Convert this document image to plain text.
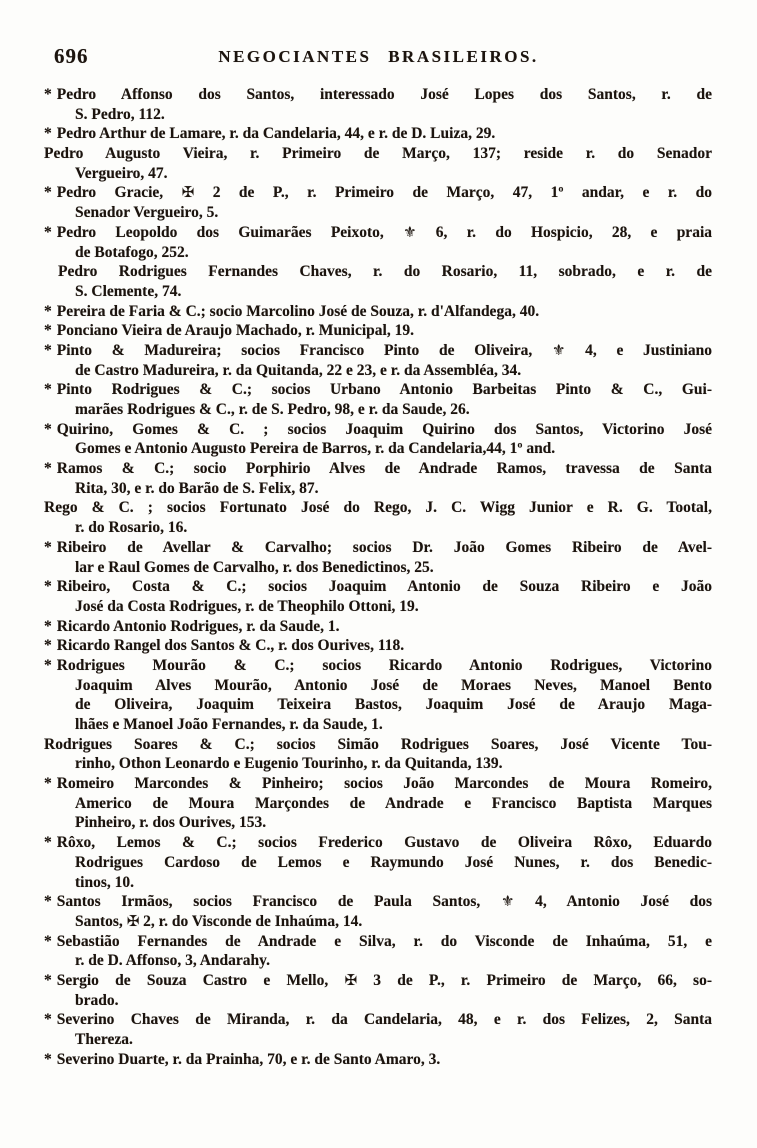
696	NEGOCIANTES BRASILEIROS.

* Pedro Affonso dos Santos, interessado José Lopes dos Santos, r. de
S. Pedro, 112.

* Pedro Arthur de Lamare, r. da Candelaria, 44, e r. de D. Luiza, 29.

Pedro Augusto Vieira, r. Primeiro de Março, 137; reside r. do Senador
Vergueiro, 47.

* Pedro Gracie, ✠ 2 de P., r. Primeiro de Março, 47, 1º andar, e r. do
Senador Vergueiro, 5.

* Pedro Leopoldo dos Guimarães Peixoto, ⚜ 6, r. do Hospicio, 28, e praia
de Botafogo, 252.

Pedro Rodrigues Fernandes Chaves, r. do Rosario, 11, sobrado, e r. de
S. Clemente, 74.

* Pereira de Faria & C.; socio Marcolino José de Souza, r. d'Alfandega, 40.

* Ponciano Vieira de Araujo Machado, r. Municipal, 19.

* Pinto & Madureira; socios Francisco Pinto de Oliveira, ⚜ 4, e Justiniano
de Castro Madureira, r. da Quitanda, 22 e 23, e r. da Assembléa, 34.

* Pinto Rodrigues & C.; socios Urbano Antonio Barbeitas Pinto & C., Gui-
marães Rodrigues & C., r. de S. Pedro, 98, e r. da Saude, 26.

* Quirino, Gomes & C. ; socios Joaquim Quirino dos Santos, Victorino José
Gomes e Antonio Augusto Pereira de Barros, r. da Candelaria,44, 1º and.

* Ramos & C.; socio Porphirio Alves de Andrade Ramos, travessa de Santa
Rita, 30, e r. do Barão de S. Felix, 87.

Rego & C. ; socios Fortunato José do Rego, J. C. Wigg Junior e R. G. Tootal,
r. do Rosario, 16.

* Ribeiro de Avellar & Carvalho; socios Dr. João Gomes Ribeiro de Avel-
lar e Raul Gomes de Carvalho, r. dos Benedictinos, 25.

* Ribeiro, Costa & C.; socios Joaquim Antonio de Souza Ribeiro e João
José da Costa Rodrigues, r. de Theophilo Ottoni, 19.

* Ricardo Antonio Rodrigues, r. da Saude, 1.

* Ricardo Rangel dos Santos & C., r. dos Ourives, 118.

* Rodrigues Mourão & C.; socios Ricardo Antonio Rodrigues, Victorino
Joaquim Alves Mourão, Antonio José de Moraes Neves, Manoel Bento
de Oliveira, Joaquim Teixeira Bastos, Joaquim José de Araujo Maga-
lhães e Manoel João Fernandes, r. da Saude, 1.

Rodrigues Soares & C.; socios Simão Rodrigues Soares, José Vicente Tou-
rinho, Othon Leonardo e Eugenio Tourinho, r. da Quitanda, 139.

* Romeiro Marcondes & Pinheiro; socios João Marcondes de Moura Romeiro,
Americo de Moura Marçondes de Andrade e Francisco Baptista Marques
Pinheiro, r. dos Ourives, 153.

* Rôxo, Lemos & C.; socios Frederico Gustavo de Oliveira Rôxo, Eduardo
Rodrigues Cardoso de Lemos e Raymundo José Nunes, r. dos Benedic-
tinos, 10.

* Santos Irmãos, socios Francisco de Paula Santos, ⚜ 4, Antonio José dos
Santos, ✠ 2, r. do Visconde de Inhaúma, 14.

* Sebastião Fernandes de Andrade e Silva, r. do Visconde de Inhaúma, 51, e
r. de D. Affonso, 3, Andarahy.

* Sergio de Souza Castro e Mello, ✠ 3 de P., r. Primeiro de Março, 66, so-
brado.

* Severino Chaves de Miranda, r. da Candelaria, 48, e r. dos Felizes, 2, Santa
Thereza.

* Severino Duarte, r. da Prainha, 70, e r. de Santo Amaro, 3.
